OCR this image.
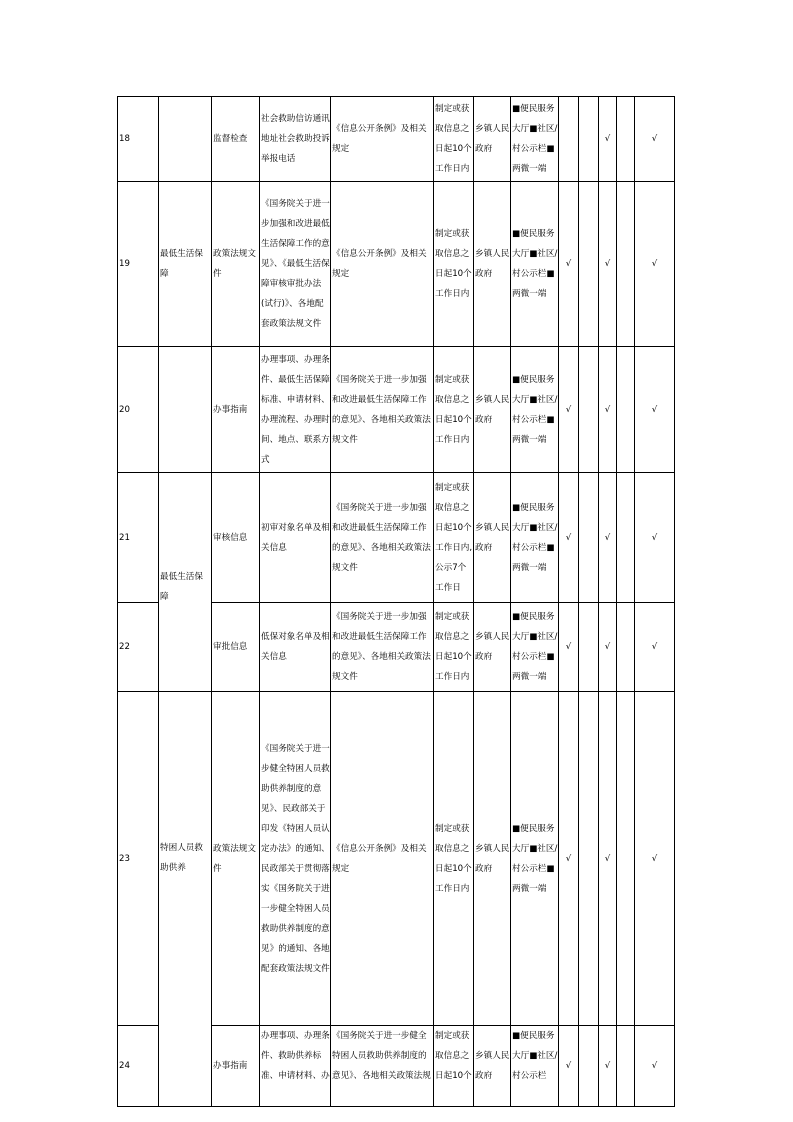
18		监督检查	社会救助信访通讯地址社会救助投诉举报电话	《信息公开条例》及相关规定	制定或获取信息之日起10个工作日内	乡镇人民政府	■便民服务大厅■社区/村公示栏■两微一端			√		√
19	最低生活保障	政策法规文件	《国务院关于进一步加强和改进最低生活保障工作的意见》、《最低生活保障审核审批办法(试行)》、各地配套政策法规文件	《信息公开条例》及相关规定	制定或获取信息之日起10个工作日内	乡镇人民政府	■便民服务大厅■社区/村公示栏■两微一端	√		√		√
20		办事指南	办理事项、办理条件、最低生活保障标准、申请材料、办理流程、办理时间、地点、联系方式	《国务院关于进一步加强和改进最低生活保障工作的意见》、各地相关政策法规文件	制定或获取信息之日起10个工作日内	乡镇人民政府	■便民服务大厅■社区/村公示栏■两微一端	√		√		√
21	最低生活保障	审核信息	初审对象名单及相关信息	《国务院关于进一步加强和改进最低生活保障工作的意见》、各地相关政策法规文件	制定或获取信息之日起10个工作日内,公示7个工作日	乡镇人民政府	■便民服务大厅■社区/村公示栏■两微一端	√		√		√
22		审批信息	低保对象名单及相关信息	《国务院关于进一步加强和改进最低生活保障工作的意见》、各地相关政策法规文件	制定或获取信息之日起10个工作日内	乡镇人民政府	■便民服务大厅■社区/村公示栏■两微一端	√		√		√
23	特困人员救助供养	政策法规文件	《国务院关于进一步健全特困人员救助供养制度的意见》、民政部关于印发《特困人员认定办法》的通知、民政部关于贯彻落实《国务院关于进一步健全特困人员救助供养制度的意见》的通知、各地配套政策法规文件	《信息公开条例》及相关规定	制定或获取信息之日起10个工作日内	乡镇人民政府	■便民服务大厅■社区/村公示栏■两微一端	√		√		√
24		办事指南	办理事项、办理条件、救助供养标准、申请材料、办	《国务院关于进一步健全特困人员救助供养制度的意见》、各地相关政策法规	制定或获取信息之日起10个	乡镇人民政府	■便民服务大厅■社区/村公示栏	√		√		√
